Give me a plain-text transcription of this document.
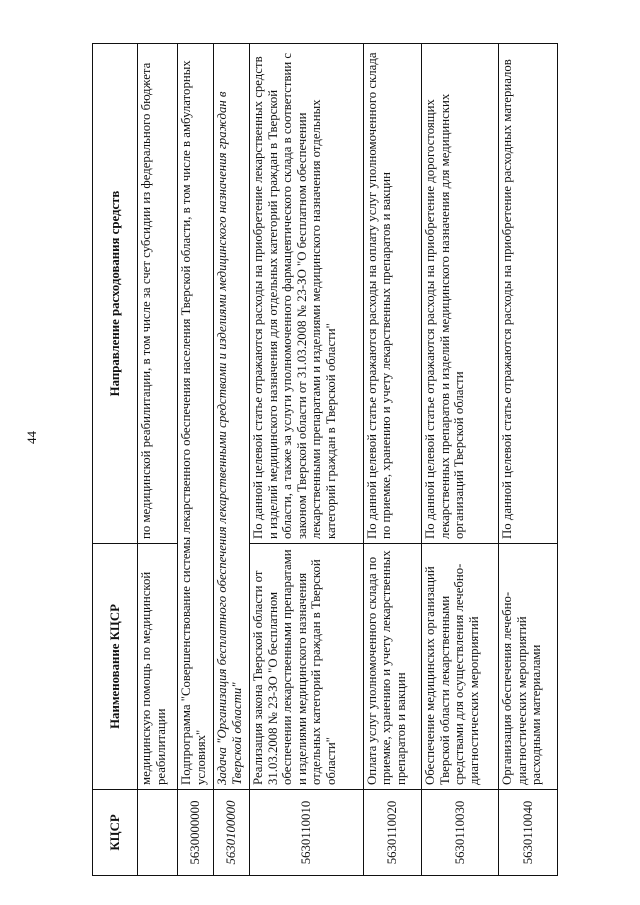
44
КЦСР	Наименование КЦСР	Направление расходования средств
	медицинскую помощь по медицинской реабилитации	по медицинской реабилитации, в том числе за счет субсидии из федерального бюджета
5630000000	Подпрограмма "Совершенствование системы лекарственного обеспечения населения Тверской области, в том числе в амбулаторных условиях"	
5630100000	Задача "Организация бесплатного обеспечения лекарственными средствами и изделиями медицинского назначения граждан в Тверской области"	
5630110010	Реализация закона Тверской области от 31.03.2008 № 23-ЗО "О бесплатном обеспечении лекарственными препаратами и изделиями медицинского назначения отдельных категорий граждан в Тверской области"	По данной целевой статье отражаются расходы на приобретение лекарственных средств и изделий медицинского назначения для отдельных категорий граждан в Тверской области, а также за услуги уполномоченного фармацевтического склада в соответствии с законом Тверской области от 31.03.2008 № 23-ЗО "О бесплатном обеспечении лекарственными препаратами и изделиями медицинского назначения отдельных категорий граждан в Тверской области"
5630110020	Оплата услуг уполномоченного склада по приемке, хранению и учету лекарственных препаратов и вакцин	По данной целевой статье отражаются расходы на оплату услуг уполномоченного склада по приемке, хранению и учету лекарственных препаратов и вакцин
5630110030	Обеспечение медицинских организаций Тверской области лекарственными средствами для осуществления лечебно-диагностических мероприятий	По данной целевой статье отражаются расходы на приобретение дорогостоящих лекарственных препаратов и изделий медицинского назначения для медицинских организаций Тверской области
5630110040	Организация обеспечения лечебно-диагностических мероприятий расходными материалами	По данной целевой статье отражаются расходы на приобретение расходных материалов
